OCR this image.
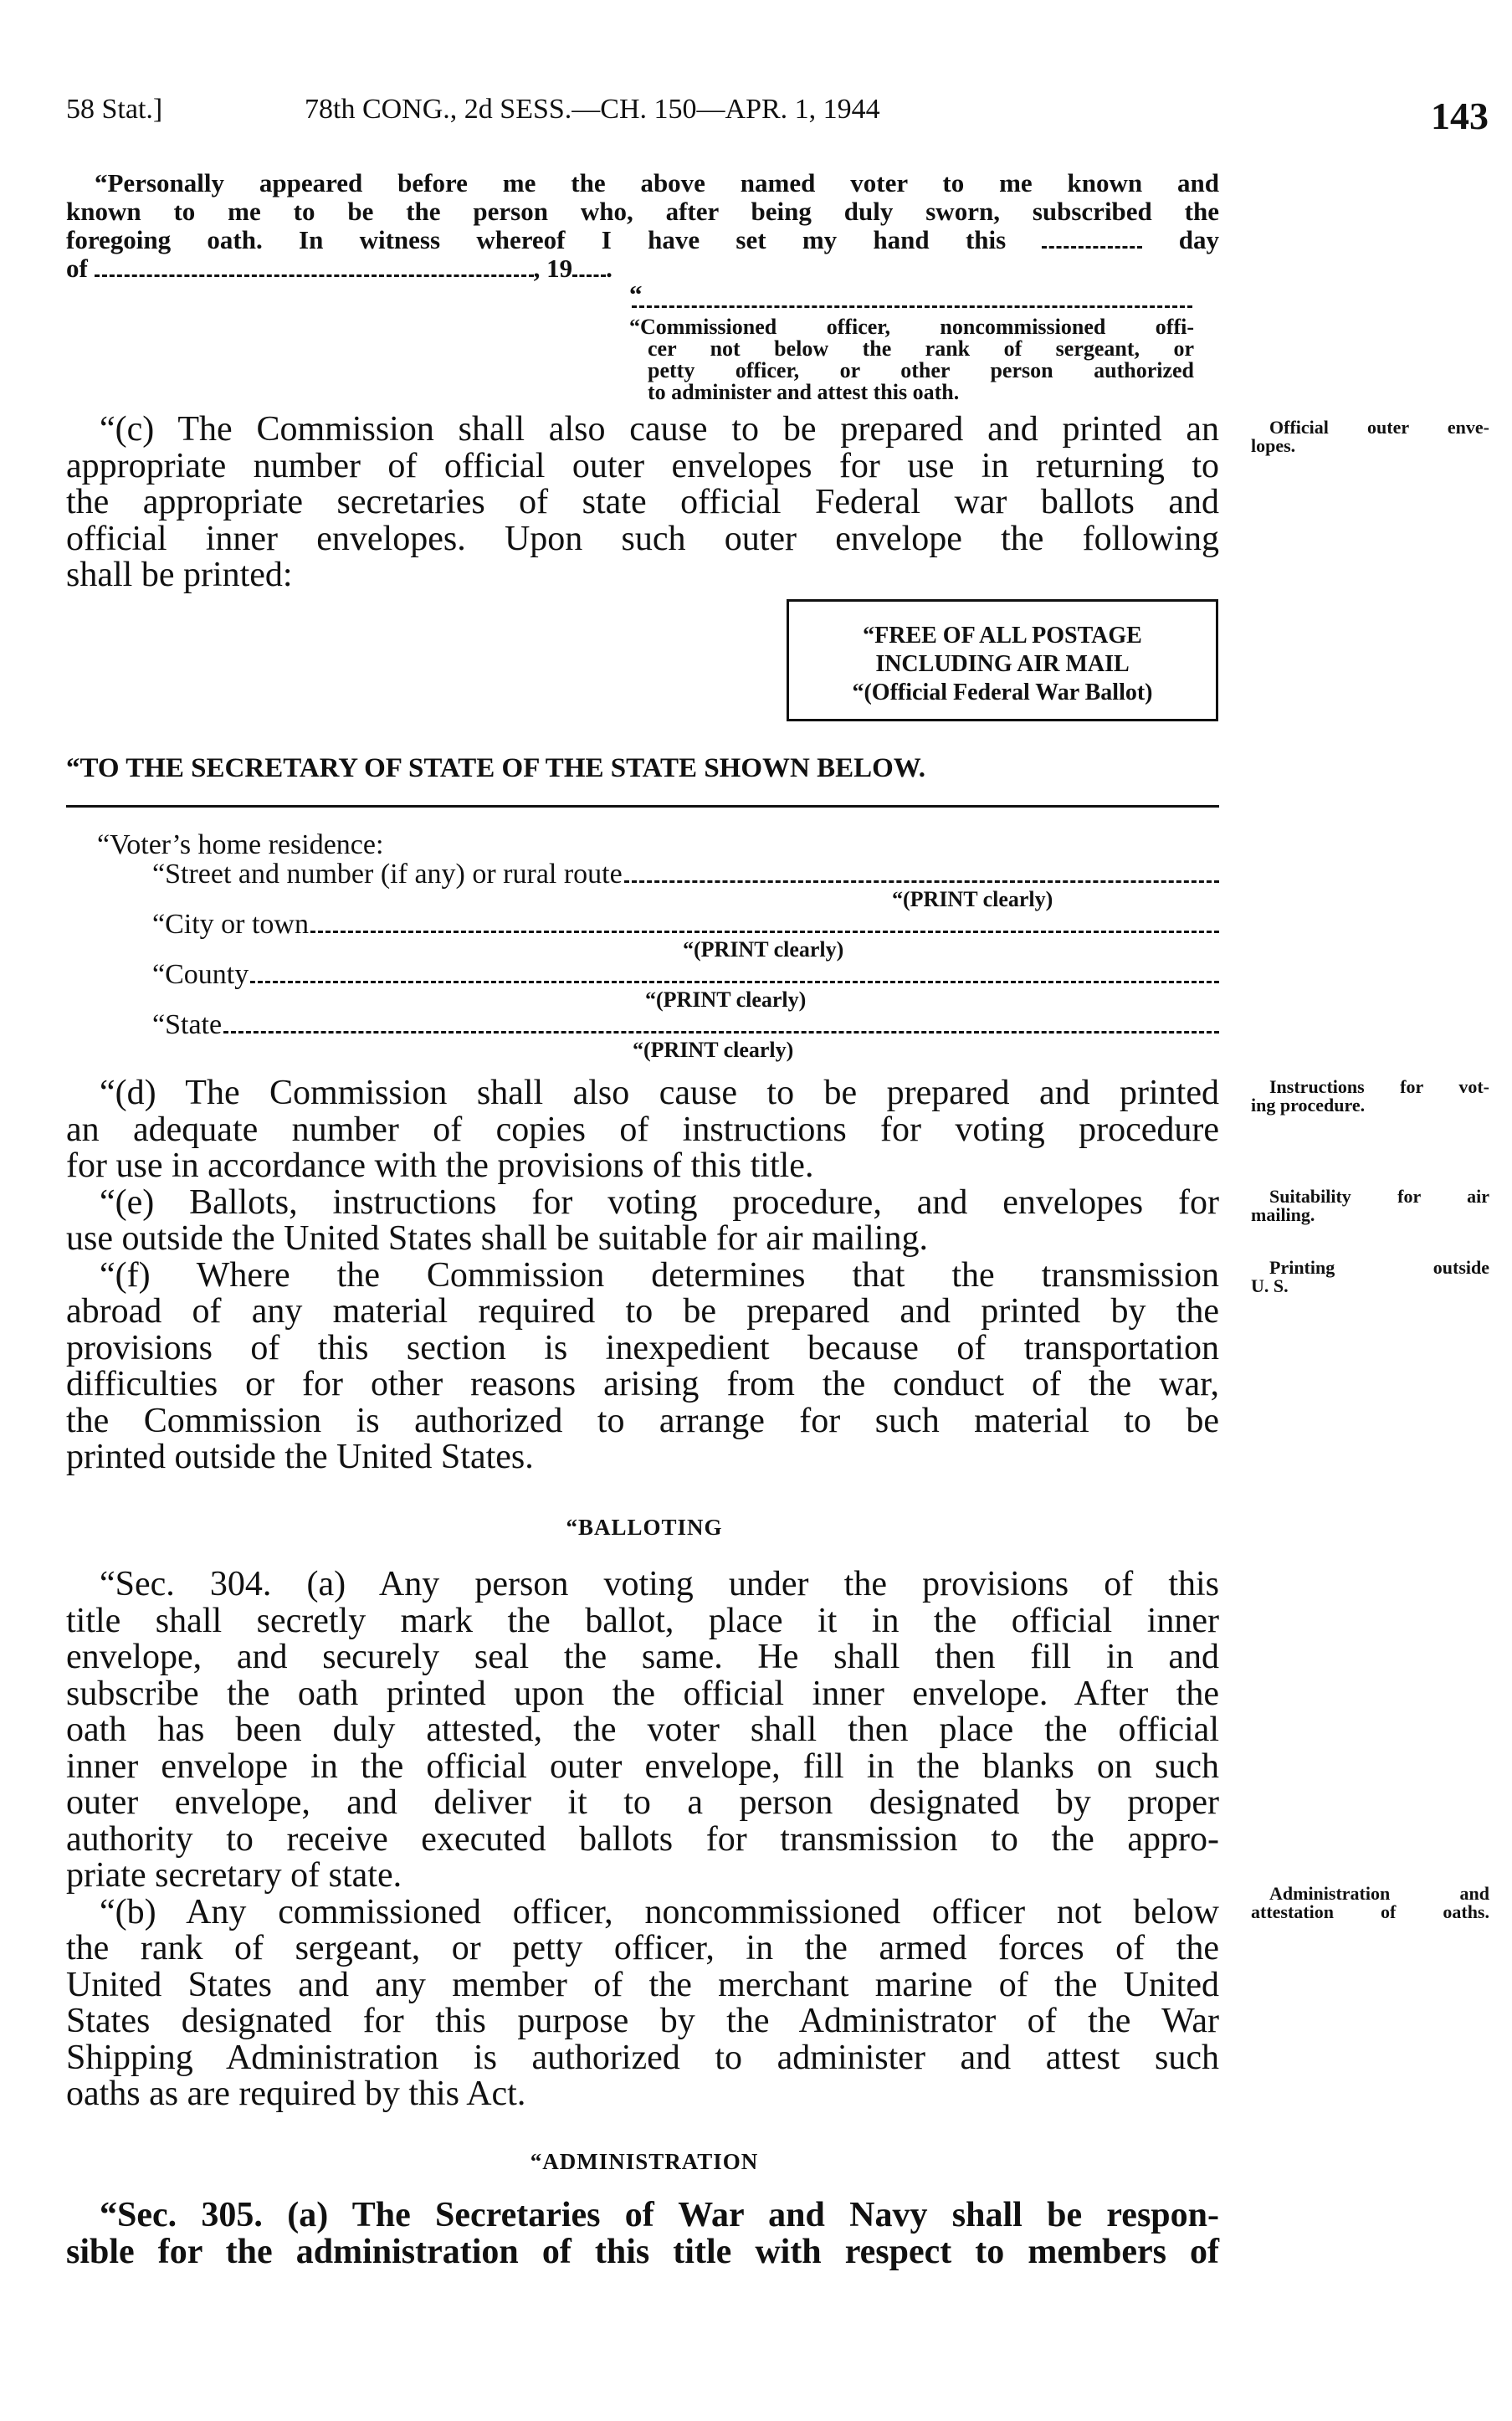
58 Stat.]	78th CONG., 2d SESS.—CH. 150—APR. 1, 1944	143
“Personally appeared before me the above named voter to me known and
known to me to be the person who, after being duly sworn, subscribed the
foregoing oath. In witness whereof I have set my hand this	day
of	, 19 .
“
“Commissioned officer, noncommissioned offi-
cer not below the rank of sergeant, or
petty officer, or other person authorized
to administer and attest this oath.
“(c) The Commission shall also cause to be prepared and printed an
appropriate number of official outer envelopes for use in returning to
the appropriate secretaries of state official Federal war ballots and
official inner envelopes. Upon such outer envelope the following
shall be printed:
“FREE OF ALL POSTAGE
INCLUDING AIR MAIL
“(Official Federal War Ballot)
“TO THE SECRETARY OF STATE OF THE STATE SHOWN BELOW.
“Voter’s home residence:
“Street and number (if any) or rural route
“(PRINT clearly)
“City or town
“(PRINT clearly)
“County
“(PRINT clearly)
“State
“(PRINT clearly)
“(d) The Commission shall also cause to be prepared and printed
an adequate number of copies of instructions for voting procedure
for use in accordance with the provisions of this title.
“(e) Ballots, instructions for voting procedure, and envelopes for
use outside the United States shall be suitable for air mailing.
“(f) Where the Commission determines that the transmission
abroad of any material required to be prepared and printed by the
provisions of this section is inexpedient because of transportation
difficulties or for other reasons arising from the conduct of the war,
the Commission is authorized to arrange for such material to be
printed outside the United States.
“BALLOTING
“Sec. 304. (a) Any person voting under the provisions of this
title shall secretly mark the ballot, place it in the official inner
envelope, and securely seal the same. He shall then fill in and
subscribe the oath printed upon the official inner envelope. After the
oath has been duly attested, the voter shall then place the official
inner envelope in the official outer envelope, fill in the blanks on such
outer envelope, and deliver it to a person designated by proper
authority to receive executed ballots for transmission to the appro-
priate secretary of state.
“(b) Any commissioned officer, noncommissioned officer not below
the rank of sergeant, or petty officer, in the armed forces of the
United States and any member of the merchant marine of the United
States designated for this purpose by the Administrator of the War
Shipping Administration is authorized to administer and attest such
oaths as are required by this Act.
“ADMINISTRATION
“Sec. 305. (a) The Secretaries of War and Navy shall be respon-
sible for the administration of this title with respect to members of
Official outer enve-
lopes.
Instructions for vot-
ing procedure.
Suitability for air
mailing.
Printing outside
U. S.
Administration and
attestation of oaths.
